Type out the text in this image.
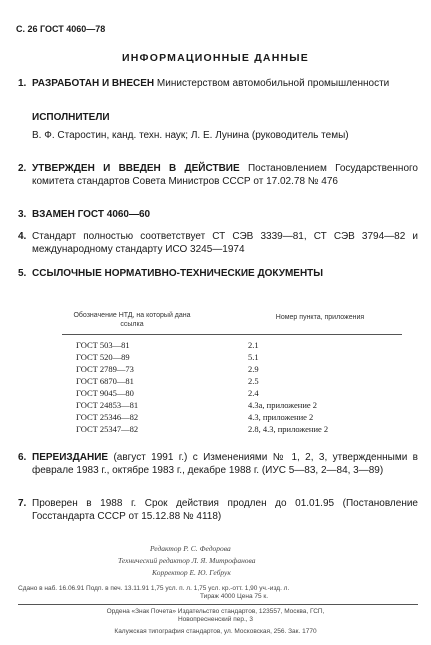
С. 26 ГОСТ 4060—78
ИНФОРМАЦИОННЫЕ ДАННЫЕ
1. РАЗРАБОТАН И ВНЕСЕН Министерством автомобильной промышленности
ИСПОЛНИТЕЛИ
В. Ф. Старостин, канд. техн. наук; Л. Е. Лунина (руководитель темы)
2. УТВЕРЖДЕН И ВВЕДЕН В ДЕЙСТВИЕ Постановлением Государственного комитета стандартов Совета Министров СССР от 17.02.78 № 476
3. ВЗАМЕН ГОСТ 4060—60
4. Стандарт полностью соответствует СТ СЭВ 3339—81, СТ СЭВ 3794—82 и международному стандарту ИСО 3245—1974
5. ССЫЛОЧНЫЕ НОРМАТИВНО-ТЕХНИЧЕСКИЕ ДОКУМЕНТЫ
Обозначение НТД, на который дана ссылка
Номер пункта, приложения
ГОСТ 503—81	2.1
ГОСТ 520—89	5.1
ГОСТ 2789—73	2.9
ГОСТ 6870—81	2.5
ГОСТ 9045—80	2.4
ГОСТ 24853—81	4.3а, приложение 2
ГОСТ 25346—82	4.3, приложение 2
ГОСТ 25347—82	2.8, 4.3, приложение 2
6. ПЕРЕИЗДАНИЕ (август 1991 г.) с Изменениями № 1, 2, 3, утвержденными в феврале 1983 г., октябре 1983 г., декабре 1988 г. (ИУС 5—83, 2—84, 3—89)
7. Проверен в 1988 г. Срок действия продлен до 01.01.95 (Постановление Госстандарта СССР от 15.12.88 № 4118)
Редактор Р. С. Федорова
Технический редактор Л. Я. Митрофанова
Корректор Е. Ю. Гебрук
Сдано в наб. 16.06.91 Подп. в печ. 13.11.91 1,75 усл. п. л. 1,75 усл. кр.-отт. 1,90 уч.-изд. л.
Тираж 4000 Цена 75 к.
Ордена «Знак Почета» Издательство стандартов, 123557, Москва, ГСП,
Новопресненский пер., 3
Калужская типография стандартов, ул. Московская, 256. Зак. 1770
